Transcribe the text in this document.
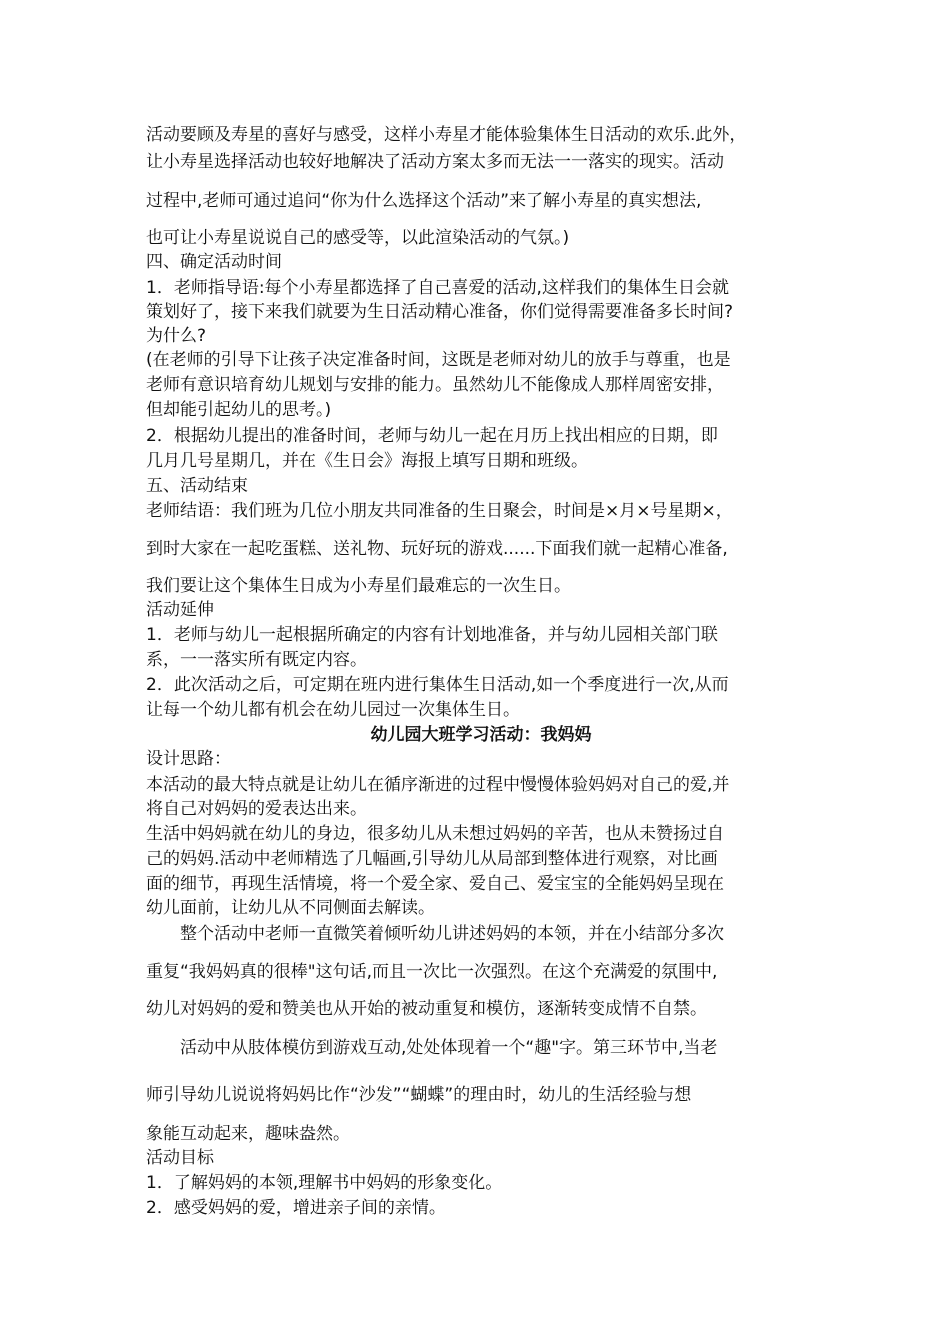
活动要顾及寿星的喜好与感受，这样小寿星才能体验集体生日活动的欢乐.此外，
让小寿星选择活动也较好地解决了活动方案太多而无法一一落实的现实。活动
过程中,老师可通过追问“你为什么选择这个活动”来了解小寿星的真实想法,
也可让小寿星说说自己的感受等，以此渲染活动的气氛。)
四、确定活动时间
1．老师指导语:每个小寿星都选择了自己喜爱的活动,这样我们的集体生日会就
策划好了，接下来我们就要为生日活动精心准备，你们觉得需要准备多长时间?
为什么?
(在老师的引导下让孩子决定准备时间，这既是老师对幼儿的放手与尊重，也是
老师有意识培育幼儿规划与安排的能力。虽然幼儿不能像成人那样周密安排，
但却能引起幼儿的思考。)
2．根据幼儿提出的准备时间，老师与幼儿一起在月历上找出相应的日期，即
几月几号星期几，并在《生日会》海报上填写日期和班级。
五、活动结束
老师结语：我们班为几位小朋友共同准备的生日聚会，时间是×月×号星期×，
到时大家在一起吃蛋糕、送礼物、玩好玩的游戏......下面我们就一起精心准备,
我们要让这个集体生日成为小寿星们最难忘的一次生日。
活动延伸
1．老师与幼儿一起根据所确定的内容有计划地准备，并与幼儿园相关部门联
系，一一落实所有既定内容。
2．此次活动之后，可定期在班内进行集体生日活动,如一个季度进行一次,从而
让每一个幼儿都有机会在幼儿园过一次集体生日。
幼儿园大班学习活动：我妈妈
设计思路：
本活动的最大特点就是让幼儿在循序渐进的过程中慢慢体验妈妈对自己的爱,并
将自己对妈妈的爱表达出来。
生活中妈妈就在幼儿的身边，很多幼儿从未想过妈妈的辛苦，也从未赞扬过自
己的妈妈.活动中老师精选了几幅画,引导幼儿从局部到整体进行观察，对比画
面的细节，再现生活情境，将一个爱全家、爱自己、爱宝宝的全能妈妈呈现在
幼儿面前，让幼儿从不同侧面去解读。
整个活动中老师一直微笑着倾听幼儿讲述妈妈的本领，并在小结部分多次
重复“我妈妈真的很棒"这句话,而且一次比一次强烈。在这个充满爱的氛围中,
幼儿对妈妈的爱和赞美也从开始的被动重复和模仿，逐渐转变成情不自禁。
活动中从肢体模仿到游戏互动,处处体现着一个“趣"字。第三环节中,当老
师引导幼儿说说将妈妈比作“沙发”“蝴蝶”的理由时，幼儿的生活经验与想
象能互动起来，趣味盎然。
活动目标
1．了解妈妈的本领,理解书中妈妈的形象变化。
2．感受妈妈的爱，增进亲子间的亲情。
